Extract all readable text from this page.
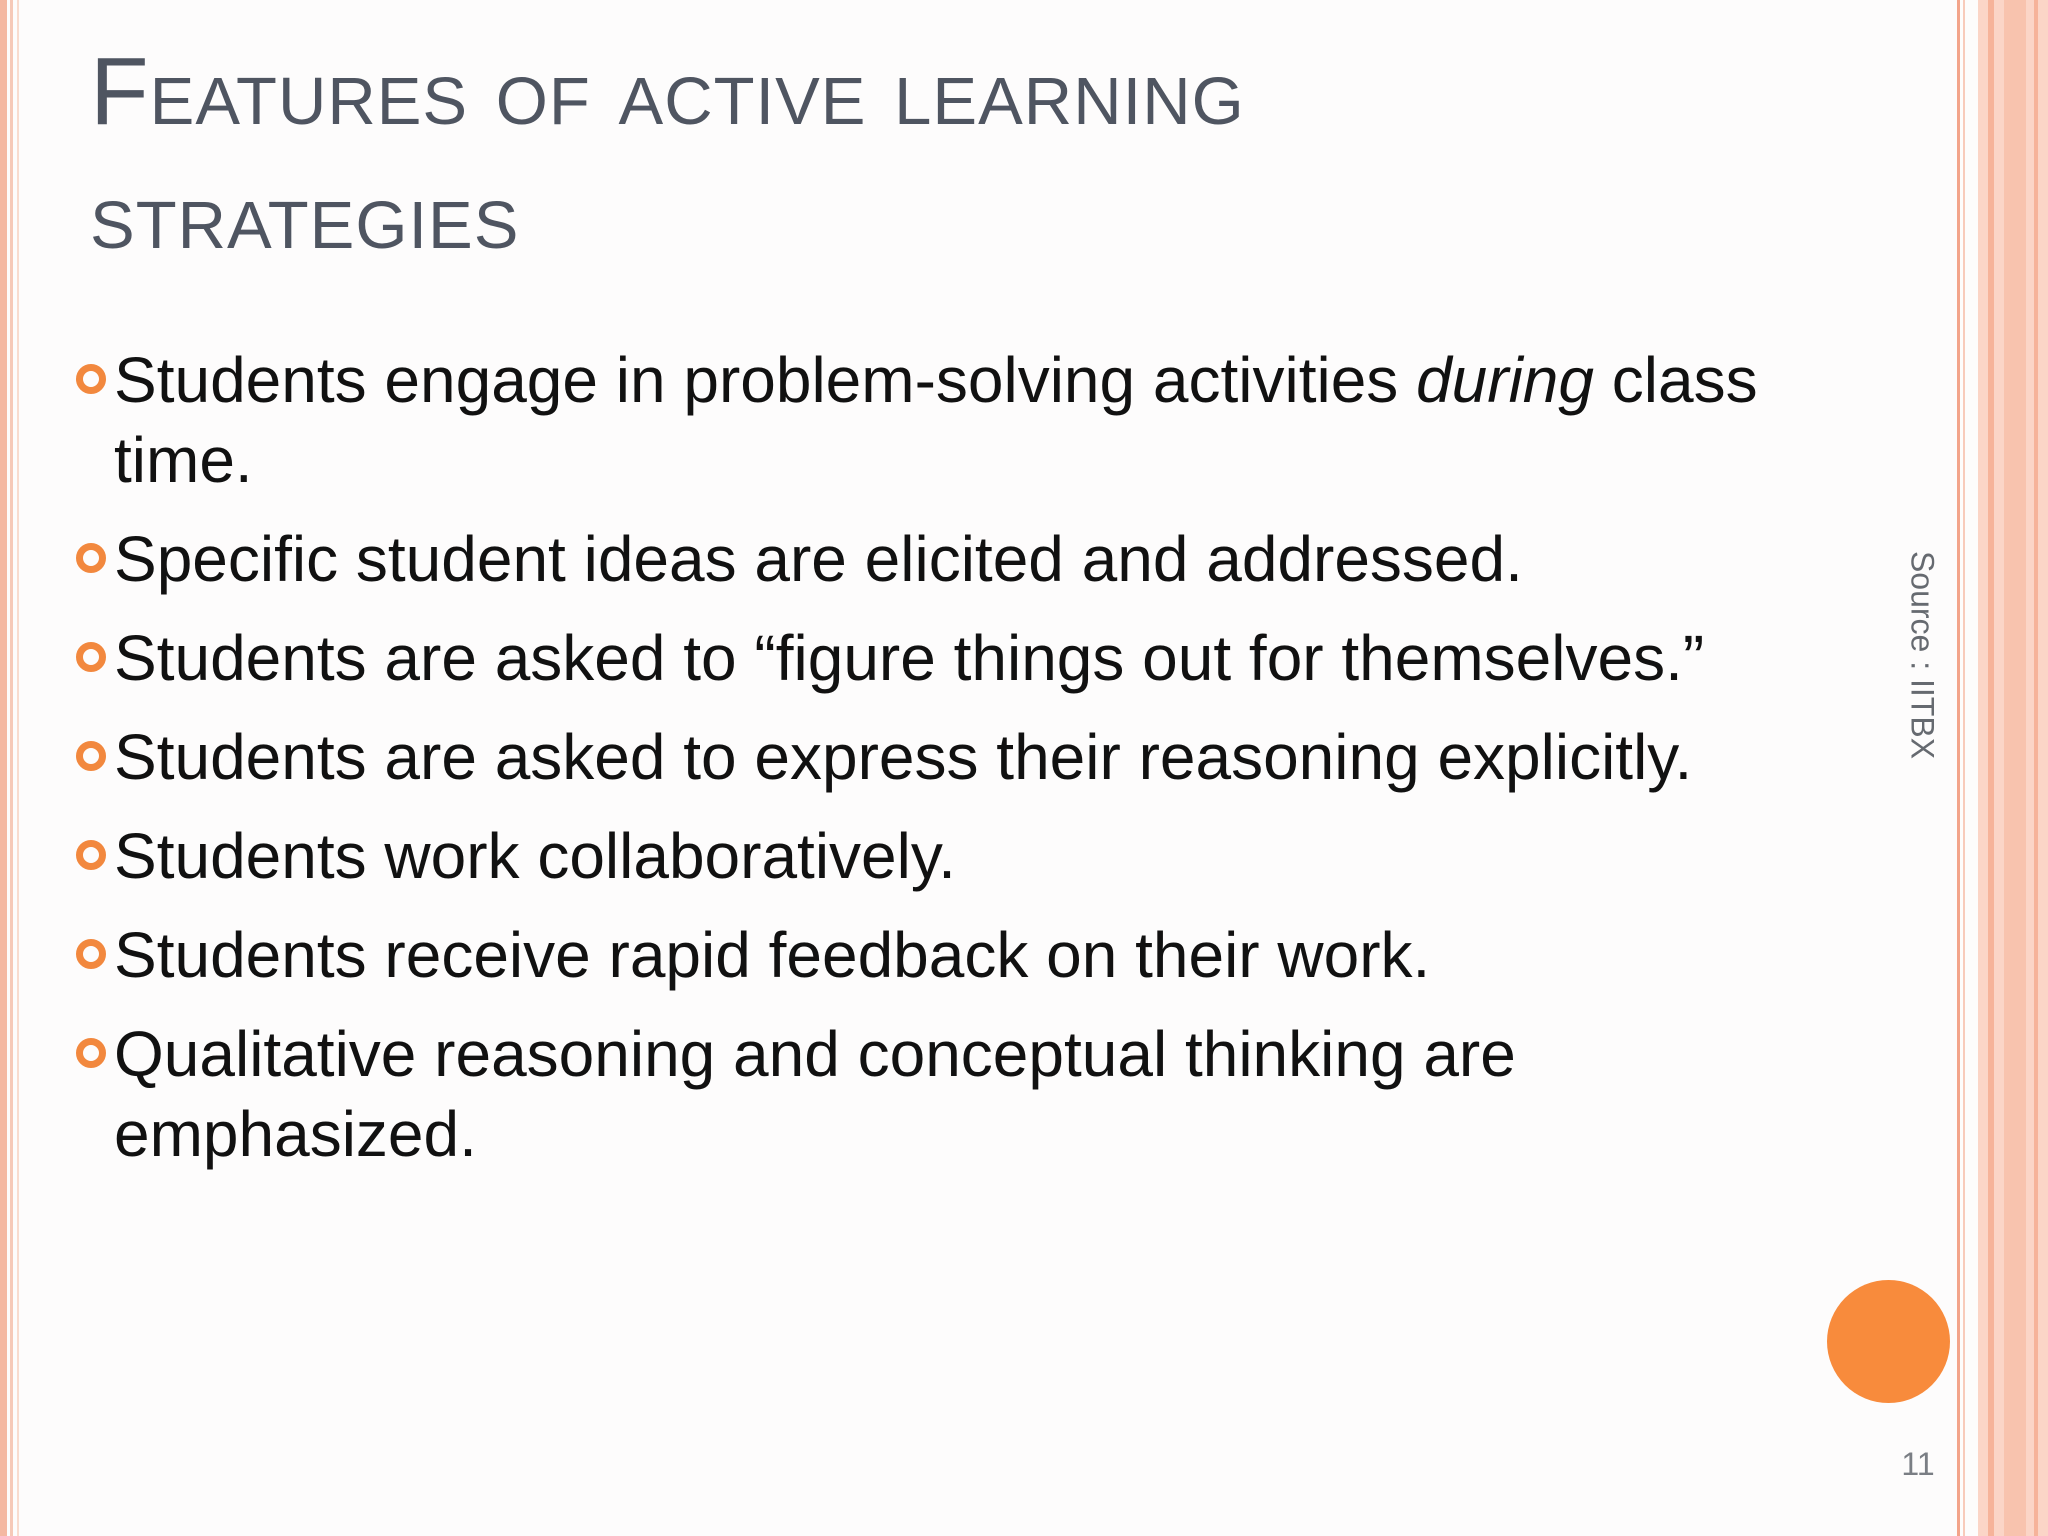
Features of active learning
strategies
Students engage in problem-solving activities during class time.
Specific student ideas are elicited and addressed.
Students are asked to “figure things out for themselves.”
Students are asked to express their reasoning explicitly.
Students work collaboratively.
Students receive rapid feedback on their work.
Qualitative reasoning and conceptual thinking are emphasized.
Source : IITBX
11
